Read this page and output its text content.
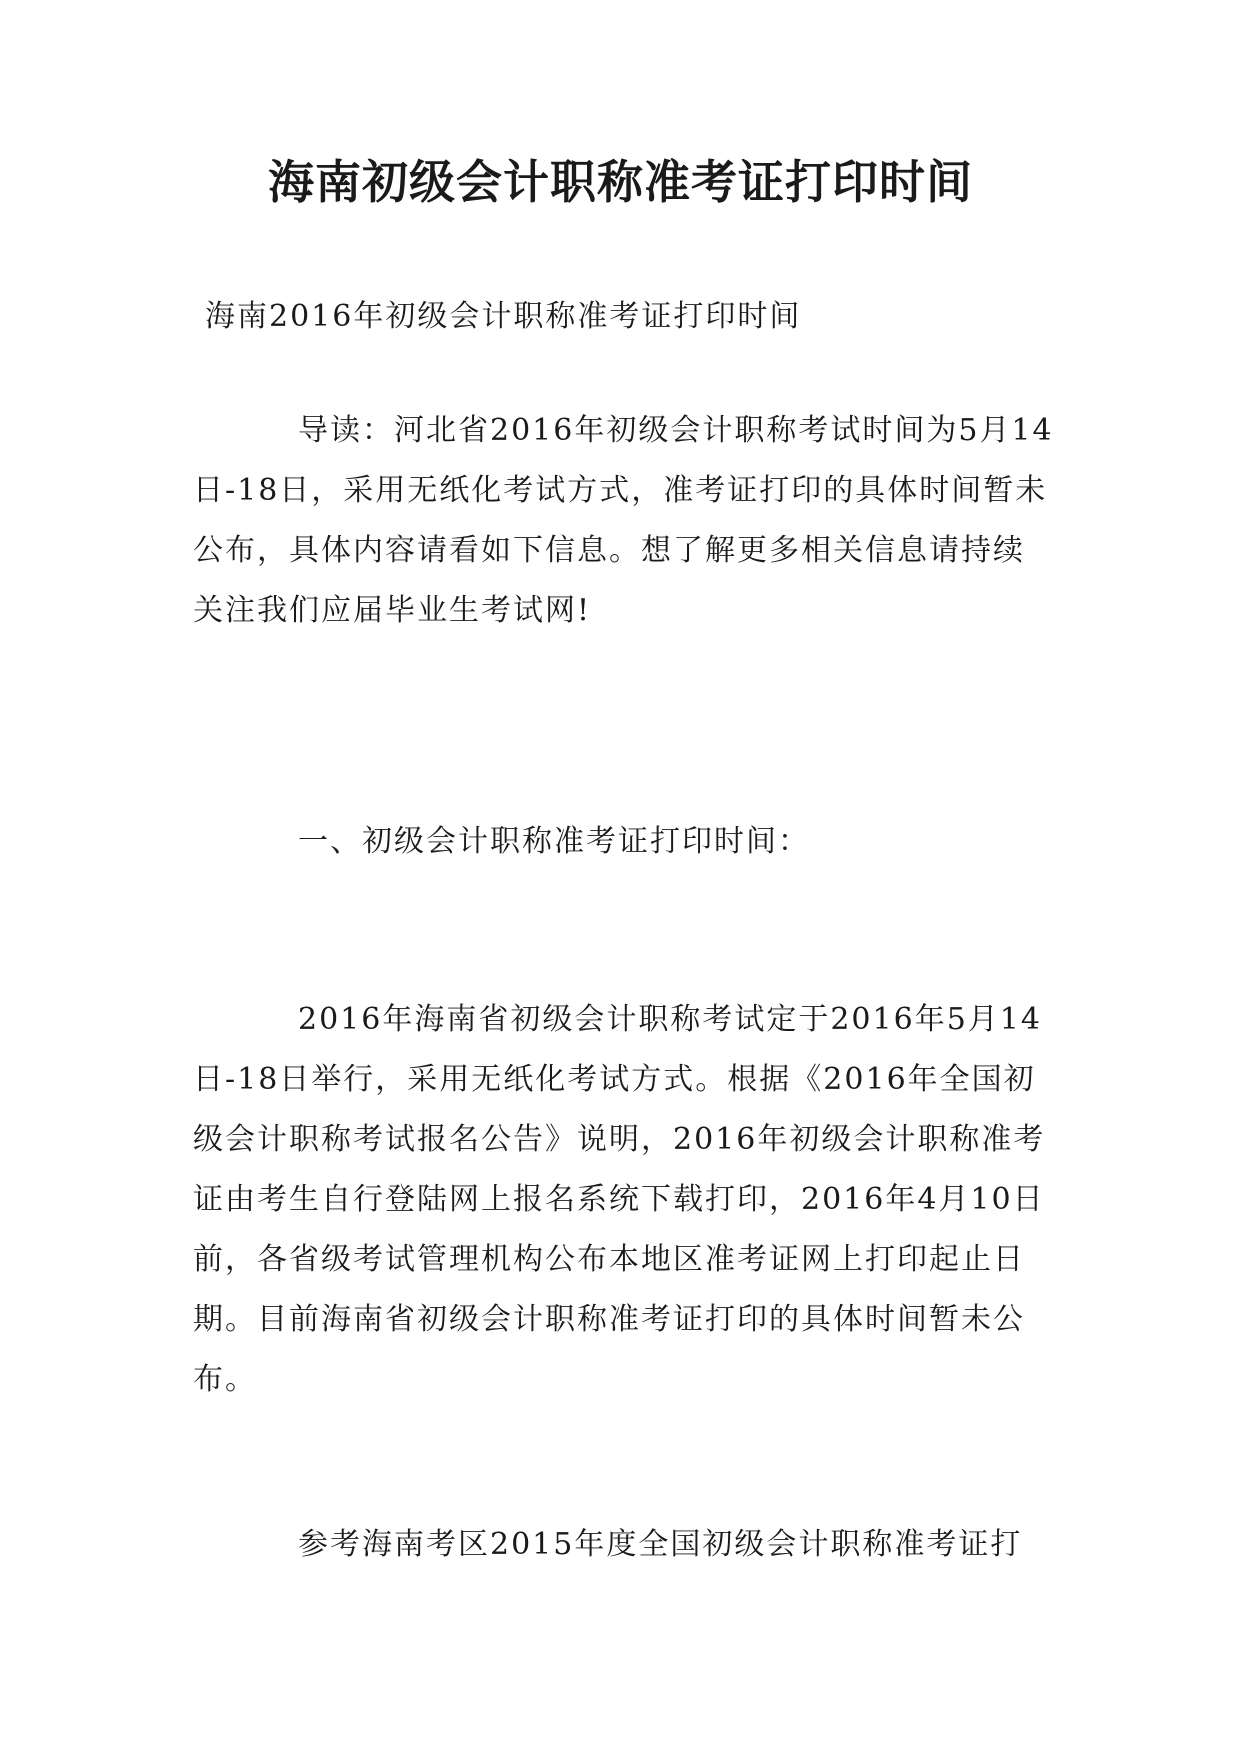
海南初级会计职称准考证打印时间

海南2016年初级会计职称准考证打印时间

导读：河北省2016年初级会计职称考试时间为5月14日-18日，采用无纸化考试方式，准考证打印的具体时间暂未公布，具体内容请看如下信息。想了解更多相关信息请持续关注我们应届毕业生考试网!

一、初级会计职称准考证打印时间：

2016年海南省初级会计职称考试定于2016年5月14日-18日举行，采用无纸化考试方式。根据《2016年全国初级会计职称考试报名公告》说明，2016年初级会计职称准考证由考生自行登陆网上报名系统下载打印，2016年4月10日前，各省级考试管理机构公布本地区准考证网上打印起止日期。目前海南省初级会计职称准考证打印的具体时间暂未公布。

参考海南考区2015年度全国初级会计职称准考证打
